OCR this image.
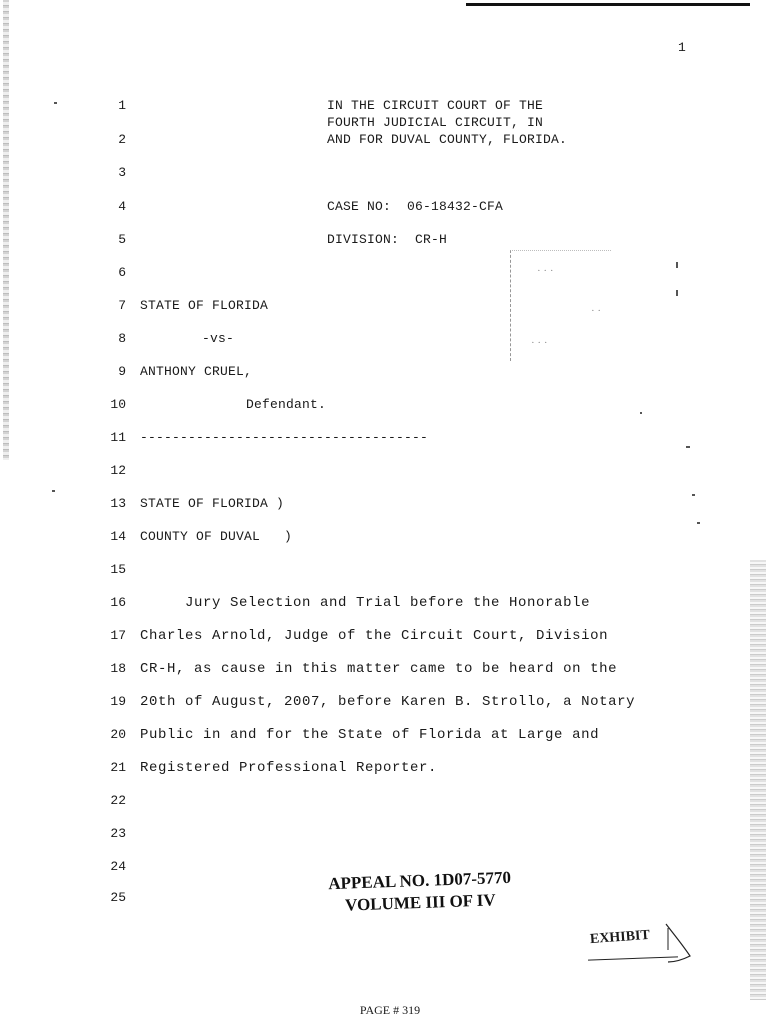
1
1
2
3
4
5
6
7
8
9
10
11
12
13
14
15
16
17
18
19
20
21
22
23
24
25
IN THE CIRCUIT COURT OF THE
FOURTH JUDICIAL CIRCUIT, IN
AND FOR DUVAL COUNTY, FLORIDA.
CASE NO:  06-18432-CFA
DIVISION:  CR-H
STATE OF FLORIDA
-vs-
ANTHONY CRUEL,
Defendant.
------------------------------------
· · ·
· ·
· · ·
STATE OF FLORIDA )
COUNTY OF DUVAL   )
Jury Selection and Trial before the Honorable
Charles Arnold, Judge of the Circuit Court, Division
CR-H, as cause in this matter came to be heard on the
20th of August, 2007, before Karen B. Strollo, a Notary
Public in and for the State of Florida at Large and
Registered Professional Reporter.
APPEAL NO. 1D07-5770
VOLUME III OF IV
EXHIBIT
PAGE # 319
